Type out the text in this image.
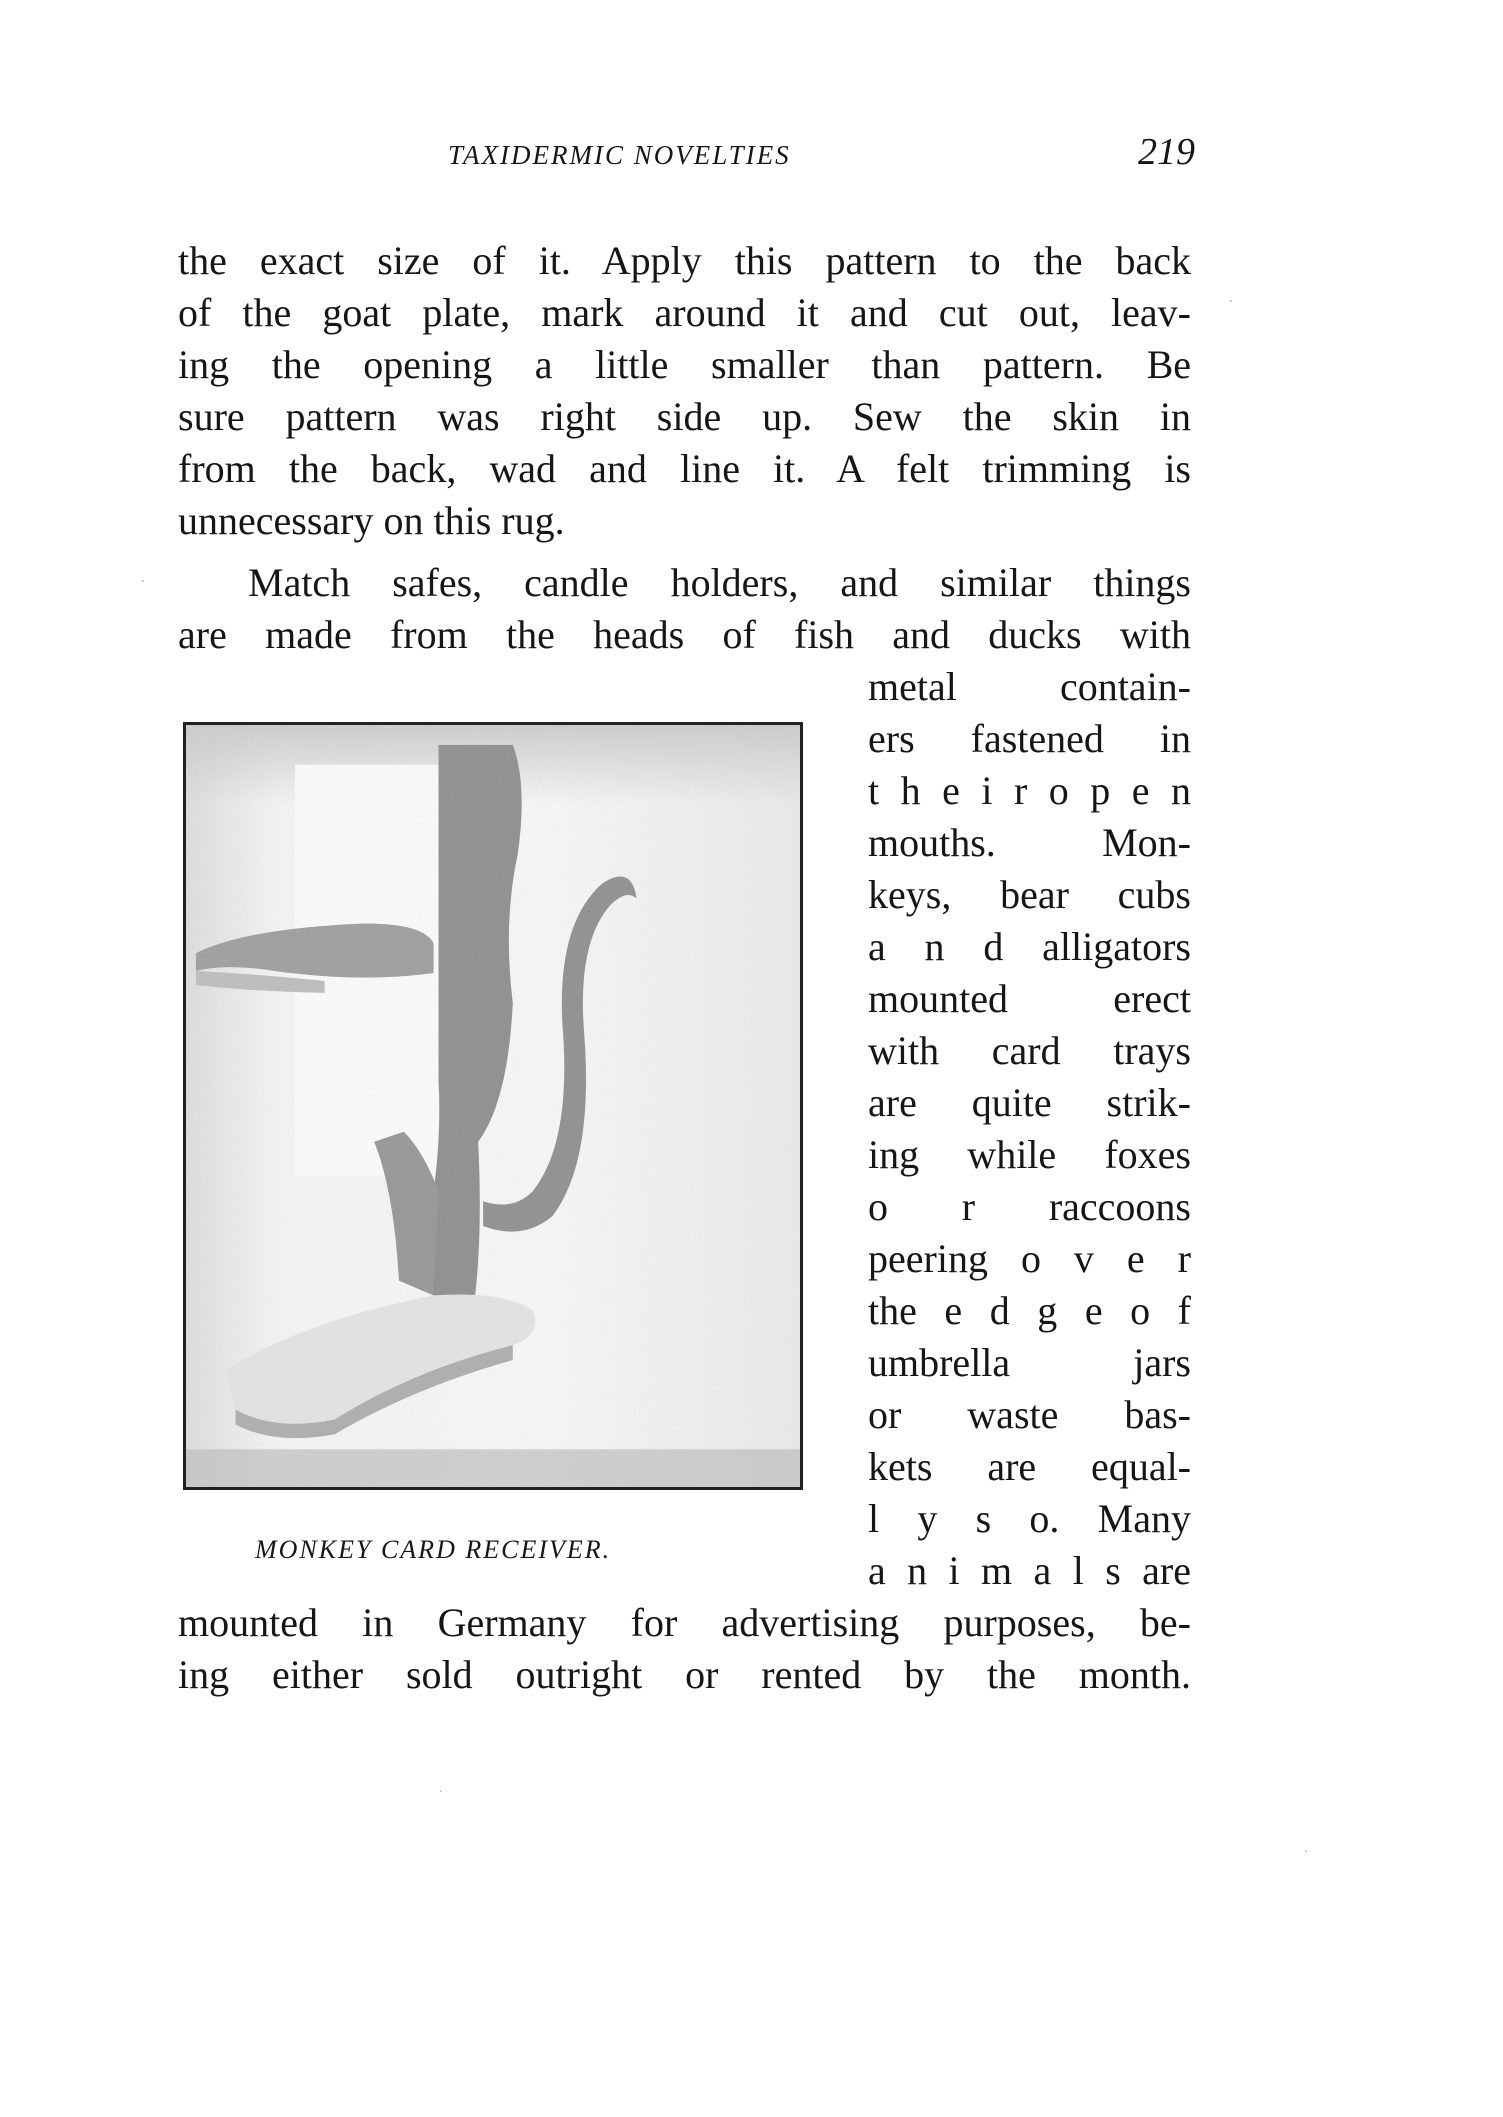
TAXIDERMIC NOVELTIES	219
the exact size of it. Apply this pattern to the back
of the goat plate, mark around it and cut out, leav-
ing the opening a little smaller than pattern. Be
sure pattern was right side up. Sew the skin in
from the back, wad and line it. A felt trimming is
unnecessary on this rug.
Match safes, candle holders, and similar things
are made from the heads of fish and ducks with
metal contain-
ers fastened in
t h e i r o p e n
mouths. Mon-
keys, bear cubs
a n d alligators
mounted erect
with card trays
are quite strik-
ing while foxes
o r raccoons
peering o v e r
the e d g e o f
umbrella jars
or waste bas-
kets are equal-
l y s o. Many
a n i m a l s are
mounted in Germany for advertising purposes, be-
ing either sold outright or rented by the month.
MONKEY CARD RECEIVER.
